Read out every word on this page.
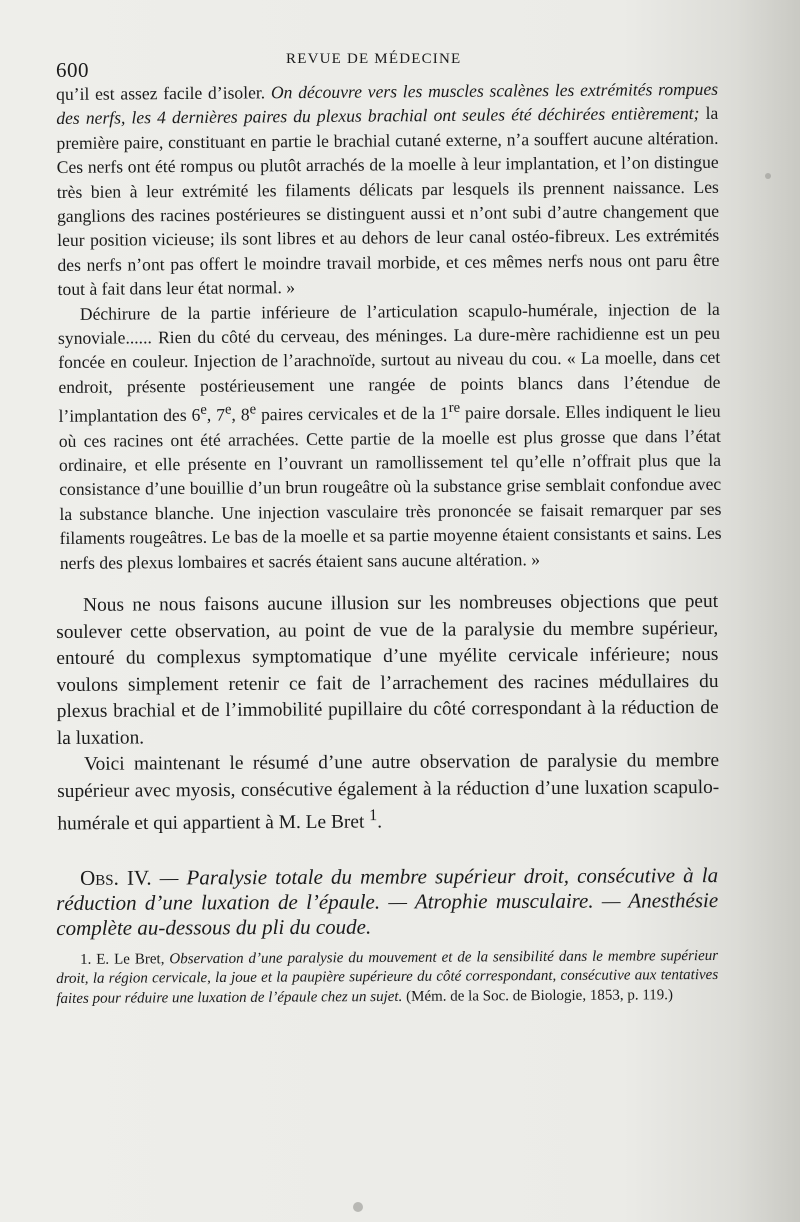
600	REVUE DE MÉDECINE

qu’il est assez facile d’isoler. On découvre vers les muscles scalènes les extrémités rompues des nerfs, les 4 dernières paires du plexus brachial ont seules été déchirées entièrement; la première paire, constituant en partie le brachial cutané externe, n’a souffert aucune altération. Ces nerfs ont été rompus ou plutôt arrachés de la moelle à leur implantation, et l’on distingue très bien à leur extrémité les filaments délicats par lesquels ils prennent naissance. Les ganglions des racines postérieures se distinguent aussi et n’ont subi d’autre changement que leur position vicieuse; ils sont libres et au dehors de leur canal ostéo-fibreux. Les extrémités des nerfs n’ont pas offert le moindre travail morbide, et ces mêmes nerfs nous ont paru être tout à fait dans leur état normal. »

Déchirure de la partie inférieure de l’articulation scapulo-humérale, injection de la synoviale...... Rien du côté du cerveau, des méninges. La dure-mère rachidienne est un peu foncée en couleur. Injection de l’arachnoïde, surtout au niveau du cou. « La moelle, dans cet endroit, présente postérieusement une rangée de points blancs dans l’étendue de l’implantation des 6e, 7e, 8e paires cervicales et de la 1re paire dorsale. Elles indiquent le lieu où ces racines ont été arrachées. Cette partie de la moelle est plus grosse que dans l’état ordinaire, et elle présente en l’ouvrant un ramollissement tel qu’elle n’offrait plus que la consistance d’une bouillie d’un brun rougeâtre où la substance grise semblait confondue avec la substance blanche. Une injection vasculaire très prononcée se faisait remarquer par ses filaments rougeâtres. Le bas de la moelle et sa partie moyenne étaient consistants et sains. Les nerfs des plexus lombaires et sacrés étaient sans aucune altération. »

Nous ne nous faisons aucune illusion sur les nombreuses objections que peut soulever cette observation, au point de vue de la paralysie du membre supérieur, entouré du complexus symptomatique d’une myélite cervicale inférieure; nous voulons simplement retenir ce fait de l’arrachement des racines médullaires du plexus brachial et de l’immobilité pupillaire du côté correspondant à la réduction de la luxation.

Voici maintenant le résumé d’une autre observation de paralysie du membre supérieur avec myosis, consécutive également à la réduction d’une luxation scapulo-humérale et qui appartient à M. Le Bret $^1$.

Obs. IV. — Paralysie totale du membre supérieur droit, consécutive à la réduction d’une luxation de l’épaule. — Atrophie musculaire. — Anesthésie complète au-dessous du pli du coude.

1. E. Le Bret, Observation d’une paralysie du mouvement et de la sensibilité dans le membre supérieur droit, la région cervicale, la joue et la paupière supérieure du côté correspondant, consécutive aux tentatives faites pour réduire une luxation de l’épaule chez un sujet. (Mém. de la Soc. de Biologie, 1853, p. 119.)
